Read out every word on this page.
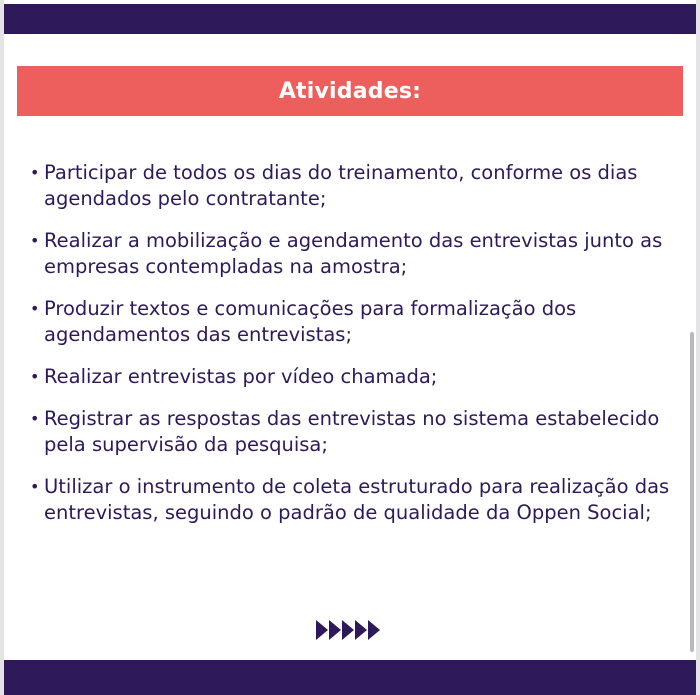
Atividades:
• Participar de todos os dias do treinamento, conforme os dias agendados pelo contratante;
• Realizar a mobilização e agendamento das entrevistas junto as empresas contempladas na amostra;
• Produzir textos e comunicações para formalização dos agendamentos das entrevistas;
• Realizar entrevistas por vídeo chamada;
• Registrar as respostas das entrevistas no sistema estabelecido pela supervisão da pesquisa;
• Utilizar o instrumento de coleta estruturado para realização das entrevistas, seguindo o padrão de qualidade da Oppen Social;
